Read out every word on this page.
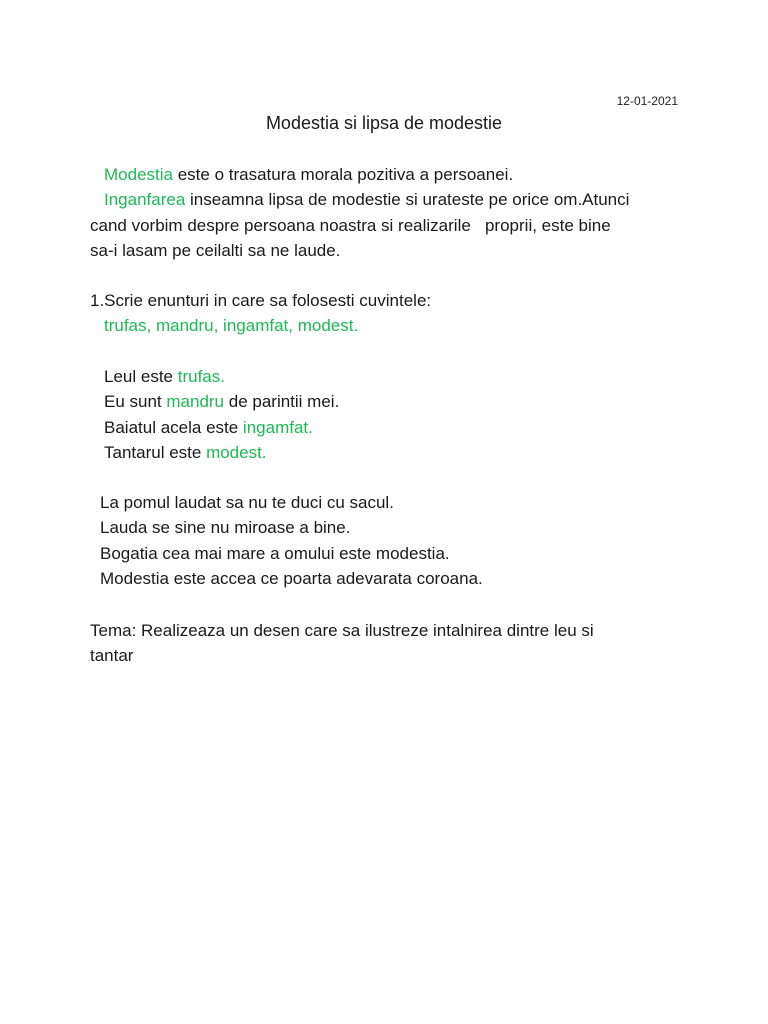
12-01-2021
Modestia si lipsa de modestie
Modestia este o trasatura morala pozitiva a persoanei.
Inganfarea inseamna lipsa de modestie si urateste pe orice om.Atunci
cand vorbim despre persoana noastra si realizarile   proprii, este bine
sa-i lasam pe ceilalti sa ne laude.
1.Scrie enunturi in care sa folosesti cuvintele:
trufas, mandru, ingamfat, modest.
Leul este trufas.
Eu sunt mandru de parintii mei.
Baiatul acela este ingamfat.
Tantarul este modest.
La pomul laudat sa nu te duci cu sacul.
Lauda se sine nu miroase a bine.
Bogatia cea mai mare a omului este modestia.
Modestia este accea ce poarta adevarata coroana.
Tema: Realizeaza un desen care sa ilustreze intalnirea dintre leu si
tantar
